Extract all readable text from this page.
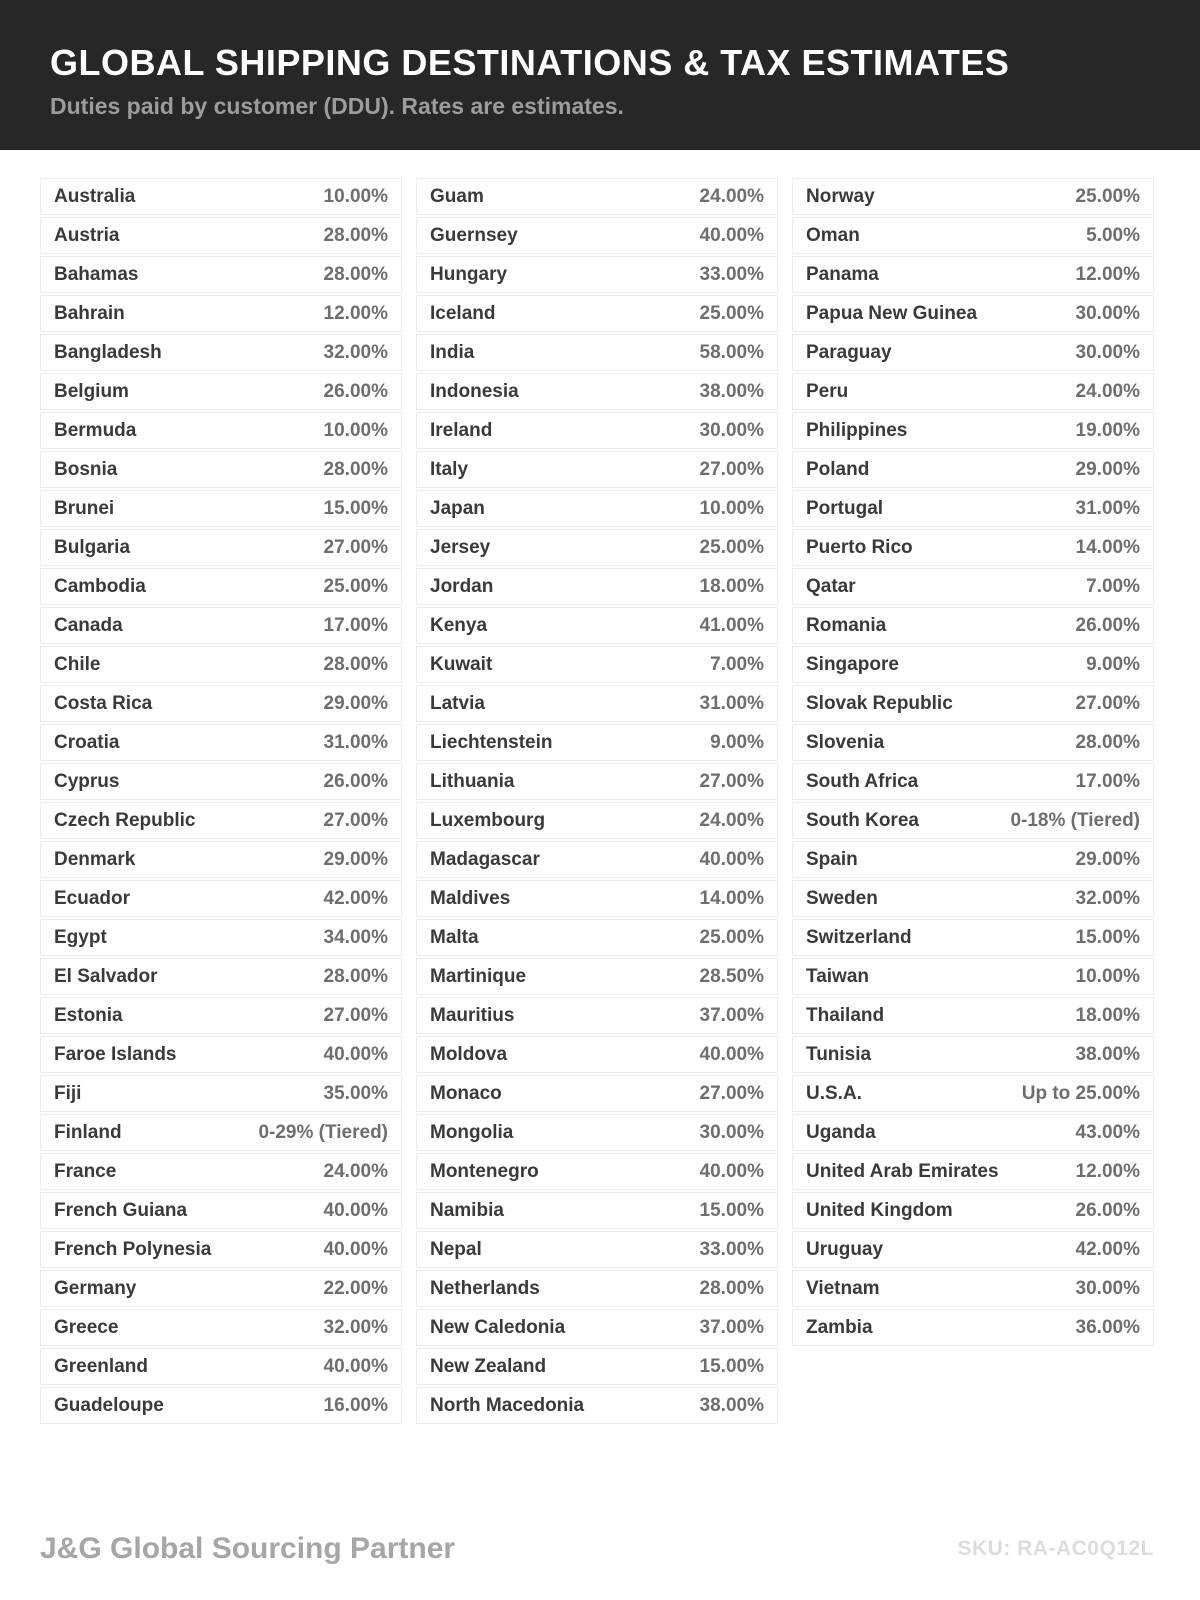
GLOBAL SHIPPING DESTINATIONS & TAX ESTIMATES

Duties paid by customer (DDU). Rates are estimates.

Australia	10.00%
Austria	28.00%
Bahamas	28.00%
Bahrain	12.00%
Bangladesh	32.00%
Belgium	26.00%
Bermuda	10.00%
Bosnia	28.00%
Brunei	15.00%
Bulgaria	27.00%
Cambodia	25.00%
Canada	17.00%
Chile	28.00%
Costa Rica	29.00%
Croatia	31.00%
Cyprus	26.00%
Czech Republic	27.00%
Denmark	29.00%
Ecuador	42.00%
Egypt	34.00%
El Salvador	28.00%
Estonia	27.00%
Faroe Islands	40.00%
Fiji	35.00%
Finland	0-29% (Tiered)
France	24.00%
French Guiana	40.00%
French Polynesia	40.00%
Germany	22.00%
Greece	32.00%
Greenland	40.00%
Guadeloupe	16.00%
Guam	24.00%
Guernsey	40.00%
Hungary	33.00%
Iceland	25.00%
India	58.00%
Indonesia	38.00%
Ireland	30.00%
Italy	27.00%
Japan	10.00%
Jersey	25.00%
Jordan	18.00%
Kenya	41.00%
Kuwait	7.00%
Latvia	31.00%
Liechtenstein	9.00%
Lithuania	27.00%
Luxembourg	24.00%
Madagascar	40.00%
Maldives	14.00%
Malta	25.00%
Martinique	28.50%
Mauritius	37.00%
Moldova	40.00%
Monaco	27.00%
Mongolia	30.00%
Montenegro	40.00%
Namibia	15.00%
Nepal	33.00%
Netherlands	28.00%
New Caledonia	37.00%
New Zealand	15.00%
North Macedonia	38.00%
Norway	25.00%
Oman	5.00%
Panama	12.00%
Papua New Guinea	30.00%
Paraguay	30.00%
Peru	24.00%
Philippines	19.00%
Poland	29.00%
Portugal	31.00%
Puerto Rico	14.00%
Qatar	7.00%
Romania	26.00%
Singapore	9.00%
Slovak Republic	27.00%
Slovenia	28.00%
South Africa	17.00%
South Korea	0-18% (Tiered)
Spain	29.00%
Sweden	32.00%
Switzerland	15.00%
Taiwan	10.00%
Thailand	18.00%
Tunisia	38.00%
U.S.A.	Up to 25.00%
Uganda	43.00%
United Arab Emirates	12.00%
United Kingdom	26.00%
Uruguay	42.00%
Vietnam	30.00%
Zambia	36.00%
J&G Global Sourcing Partner	SKU: RA-AC0Q12L
